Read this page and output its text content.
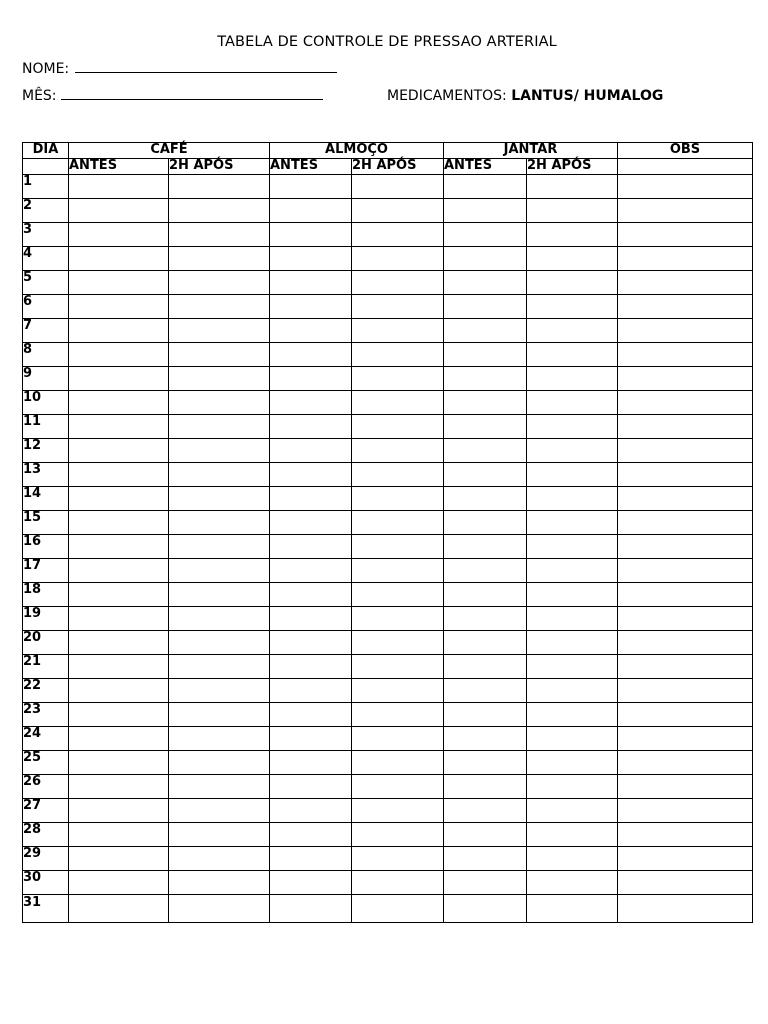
TABELA DE CONTROLE DE PRESSAO ARTERIAL
NOME:
MÊS:	MEDICAMENTOS: LANTUS/ HUMALOG
DIA	CAFÉ		ALMOÇO		JANTAR		OBS
	ANTES	2H APÓS	ANTES	2H APÓS	ANTES	2H APÓS	
1							
2							
3							
4							
5							
6							
7							
8							
9							
10							
11							
12							
13							
14							
15							
16							
17							
18							
19							
20							
21							
22							
23							
24							
25							
26							
27							
28							
29							
30							
31							
